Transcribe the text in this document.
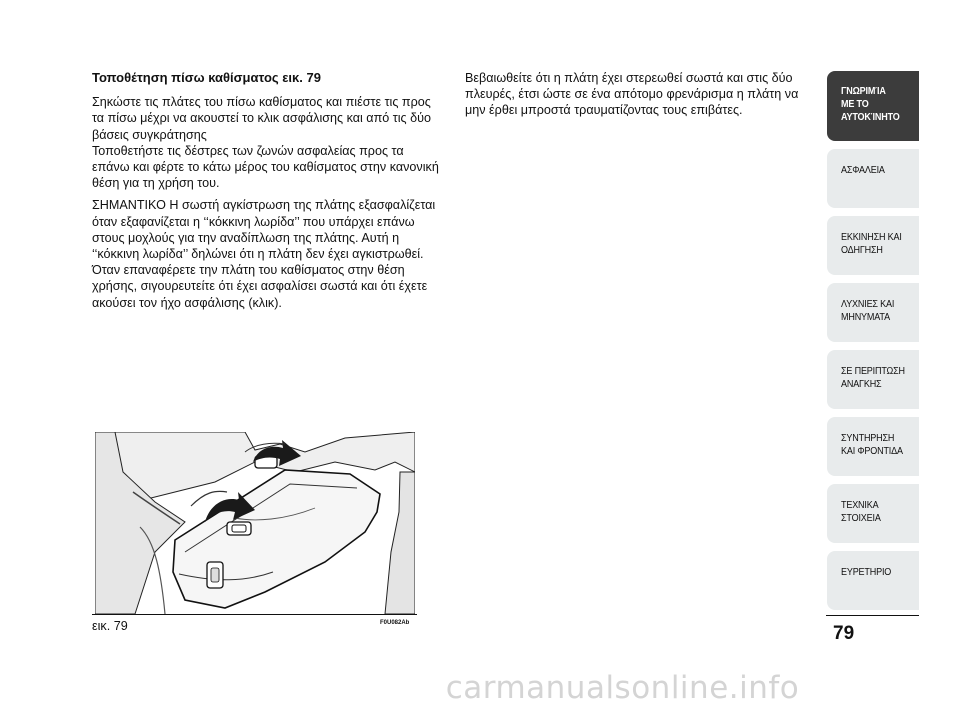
Τοποθέτηση πίσω καθίσματος εικ. 79

Σηκώστε τις πλάτες του πίσω καθίσματος και πιέστε τις προς τα πίσω μέχρι να ακουστεί το κλικ ασφάλισης και από τις δύο βάσεις συγκράτησης

Τοποθετήστε τις δέστρες των ζωνών ασφαλείας προς τα επάνω και φέρτε το κάτω μέρος του καθίσματος στην κανονική θέση για τη χρήση του.

ΣΗΜΑΝΤΙΚΟ Η σωστή αγκίστρωση της πλάτης εξασφαλίζεται όταν εξαφανίζεται η ‘‘κόκκινη λωρίδα’’ που υπάρχει επάνω στους μοχλούς για την αναδίπλωση της πλάτης. Αυτή η ‘‘κόκκινη λωρίδα’’ δηλώνει ότι η πλάτη δεν έχει αγκιστρωθεί. Όταν επαναφέρετε την πλάτη του καθίσματος στην θέση χρήσης, σιγουρευτείτε ότι έχει ασφαλίσει σωστά και ότι έχετε ακούσει τον ήχο ασφάλισης (κλικ).

Βεβαιωθείτε ότι η πλάτη έχει στερεωθεί σωστά και στις δύο πλευρές, έτσι ώστε σε ένα απότομο φρενάρισμα η πλάτη να μην έρθει μπροστά τραυματίζοντας τους επιβάτες.

εικ. 79	F0U082Ab
ΓΝΩΡΙΜΊΑ
ΜΕ ΤΟ
ΑΥΤΟΚΊΝΗΤΟ
ΑΣΦΑΛΕΙΑ
ΕΚΚΙΝΗΣΗ ΚΑΙ
ΟΔΗΓΗΣΗ
ΛΥΧΝΙΕΣ ΚΑΙ
ΜΗΝΥΜΑΤΑ
ΣΕ ΠΕΡΙΠΤΩΣΗ
ΑΝΑΓΚΗΣ
ΣΥΝΤΗΡΗΣΗ
ΚΑΙ ΦΡΟΝΤΙΔΑ
ΤΕΧΝΙΚΑ
ΣΤΟΙΧΕΙΑ
ΕΥΡΕΤΗΡΙΟ
79
carmanualsonline.info
